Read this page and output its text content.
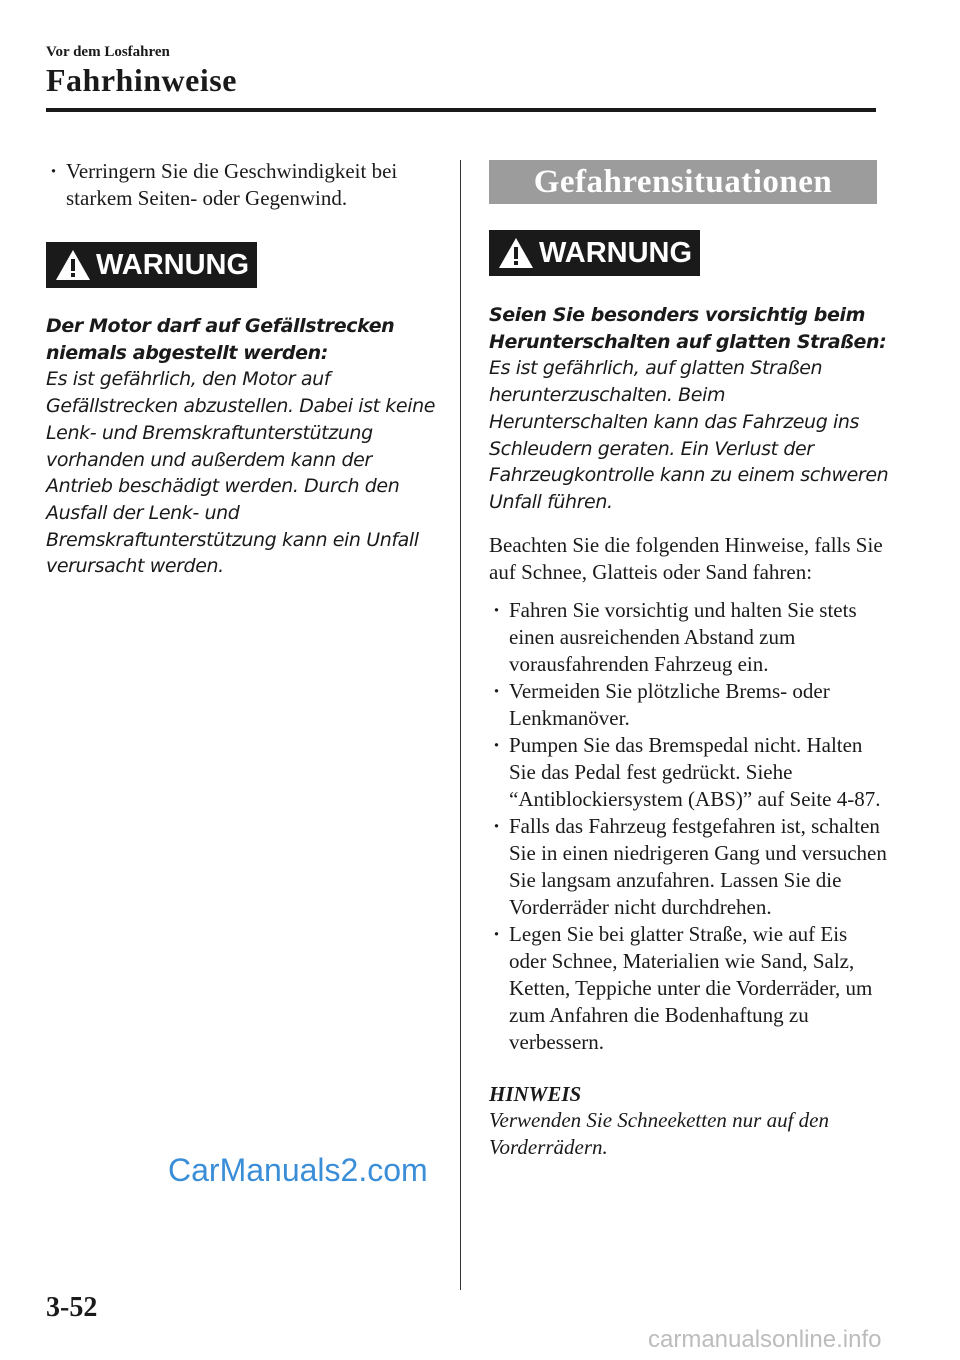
Vor dem Losfahren
Fahrhinweise
· Verringern Sie die Geschwindigkeit bei starkem Seiten- oder Gegenwind.
WARNUNG
Der Motor darf auf Gefällstrecken niemals abgestellt werden:
Es ist gefährlich, den Motor auf Gefällstrecken abzustellen. Dabei ist keine Lenk- und Bremskraftunterstützung vorhanden und außerdem kann der Antrieb beschädigt werden. Durch den Ausfall der Lenk- und Bremskraftunterstützung kann ein Unfall verursacht werden.
Gefahrensituationen
WARNUNG
Seien Sie besonders vorsichtig beim Herunterschalten auf glatten Straßen:
Es ist gefährlich, auf glatten Straßen herunterzuschalten. Beim Herunterschalten kann das Fahrzeug ins Schleudern geraten. Ein Verlust der Fahrzeugkontrolle kann zu einem schweren Unfall führen.
Beachten Sie die folgenden Hinweise, falls Sie auf Schnee, Glatteis oder Sand fahren:
· Fahren Sie vorsichtig und halten Sie stets einen ausreichenden Abstand zum vorausfahrenden Fahrzeug ein.
· Vermeiden Sie plötzliche Brems- oder Lenkmanöver.
· Pumpen Sie das Bremspedal nicht. Halten Sie das Pedal fest gedrückt. Siehe “Antiblockiersystem (ABS)” auf Seite 4-87.
· Falls das Fahrzeug festgefahren ist, schalten Sie in einen niedrigeren Gang und versuchen Sie langsam anzufahren. Lassen Sie die Vorderräder nicht durchdrehen.
· Legen Sie bei glatter Straße, wie auf Eis oder Schnee, Materialien wie Sand, Salz, Ketten, Teppiche unter die Vorderräder, um zum Anfahren die Bodenhaftung zu verbessern.
HINWEIS
Verwenden Sie Schneeketten nur auf den Vorderrädern.
CarManuals2.com
3-52
carmanualsonline.info
